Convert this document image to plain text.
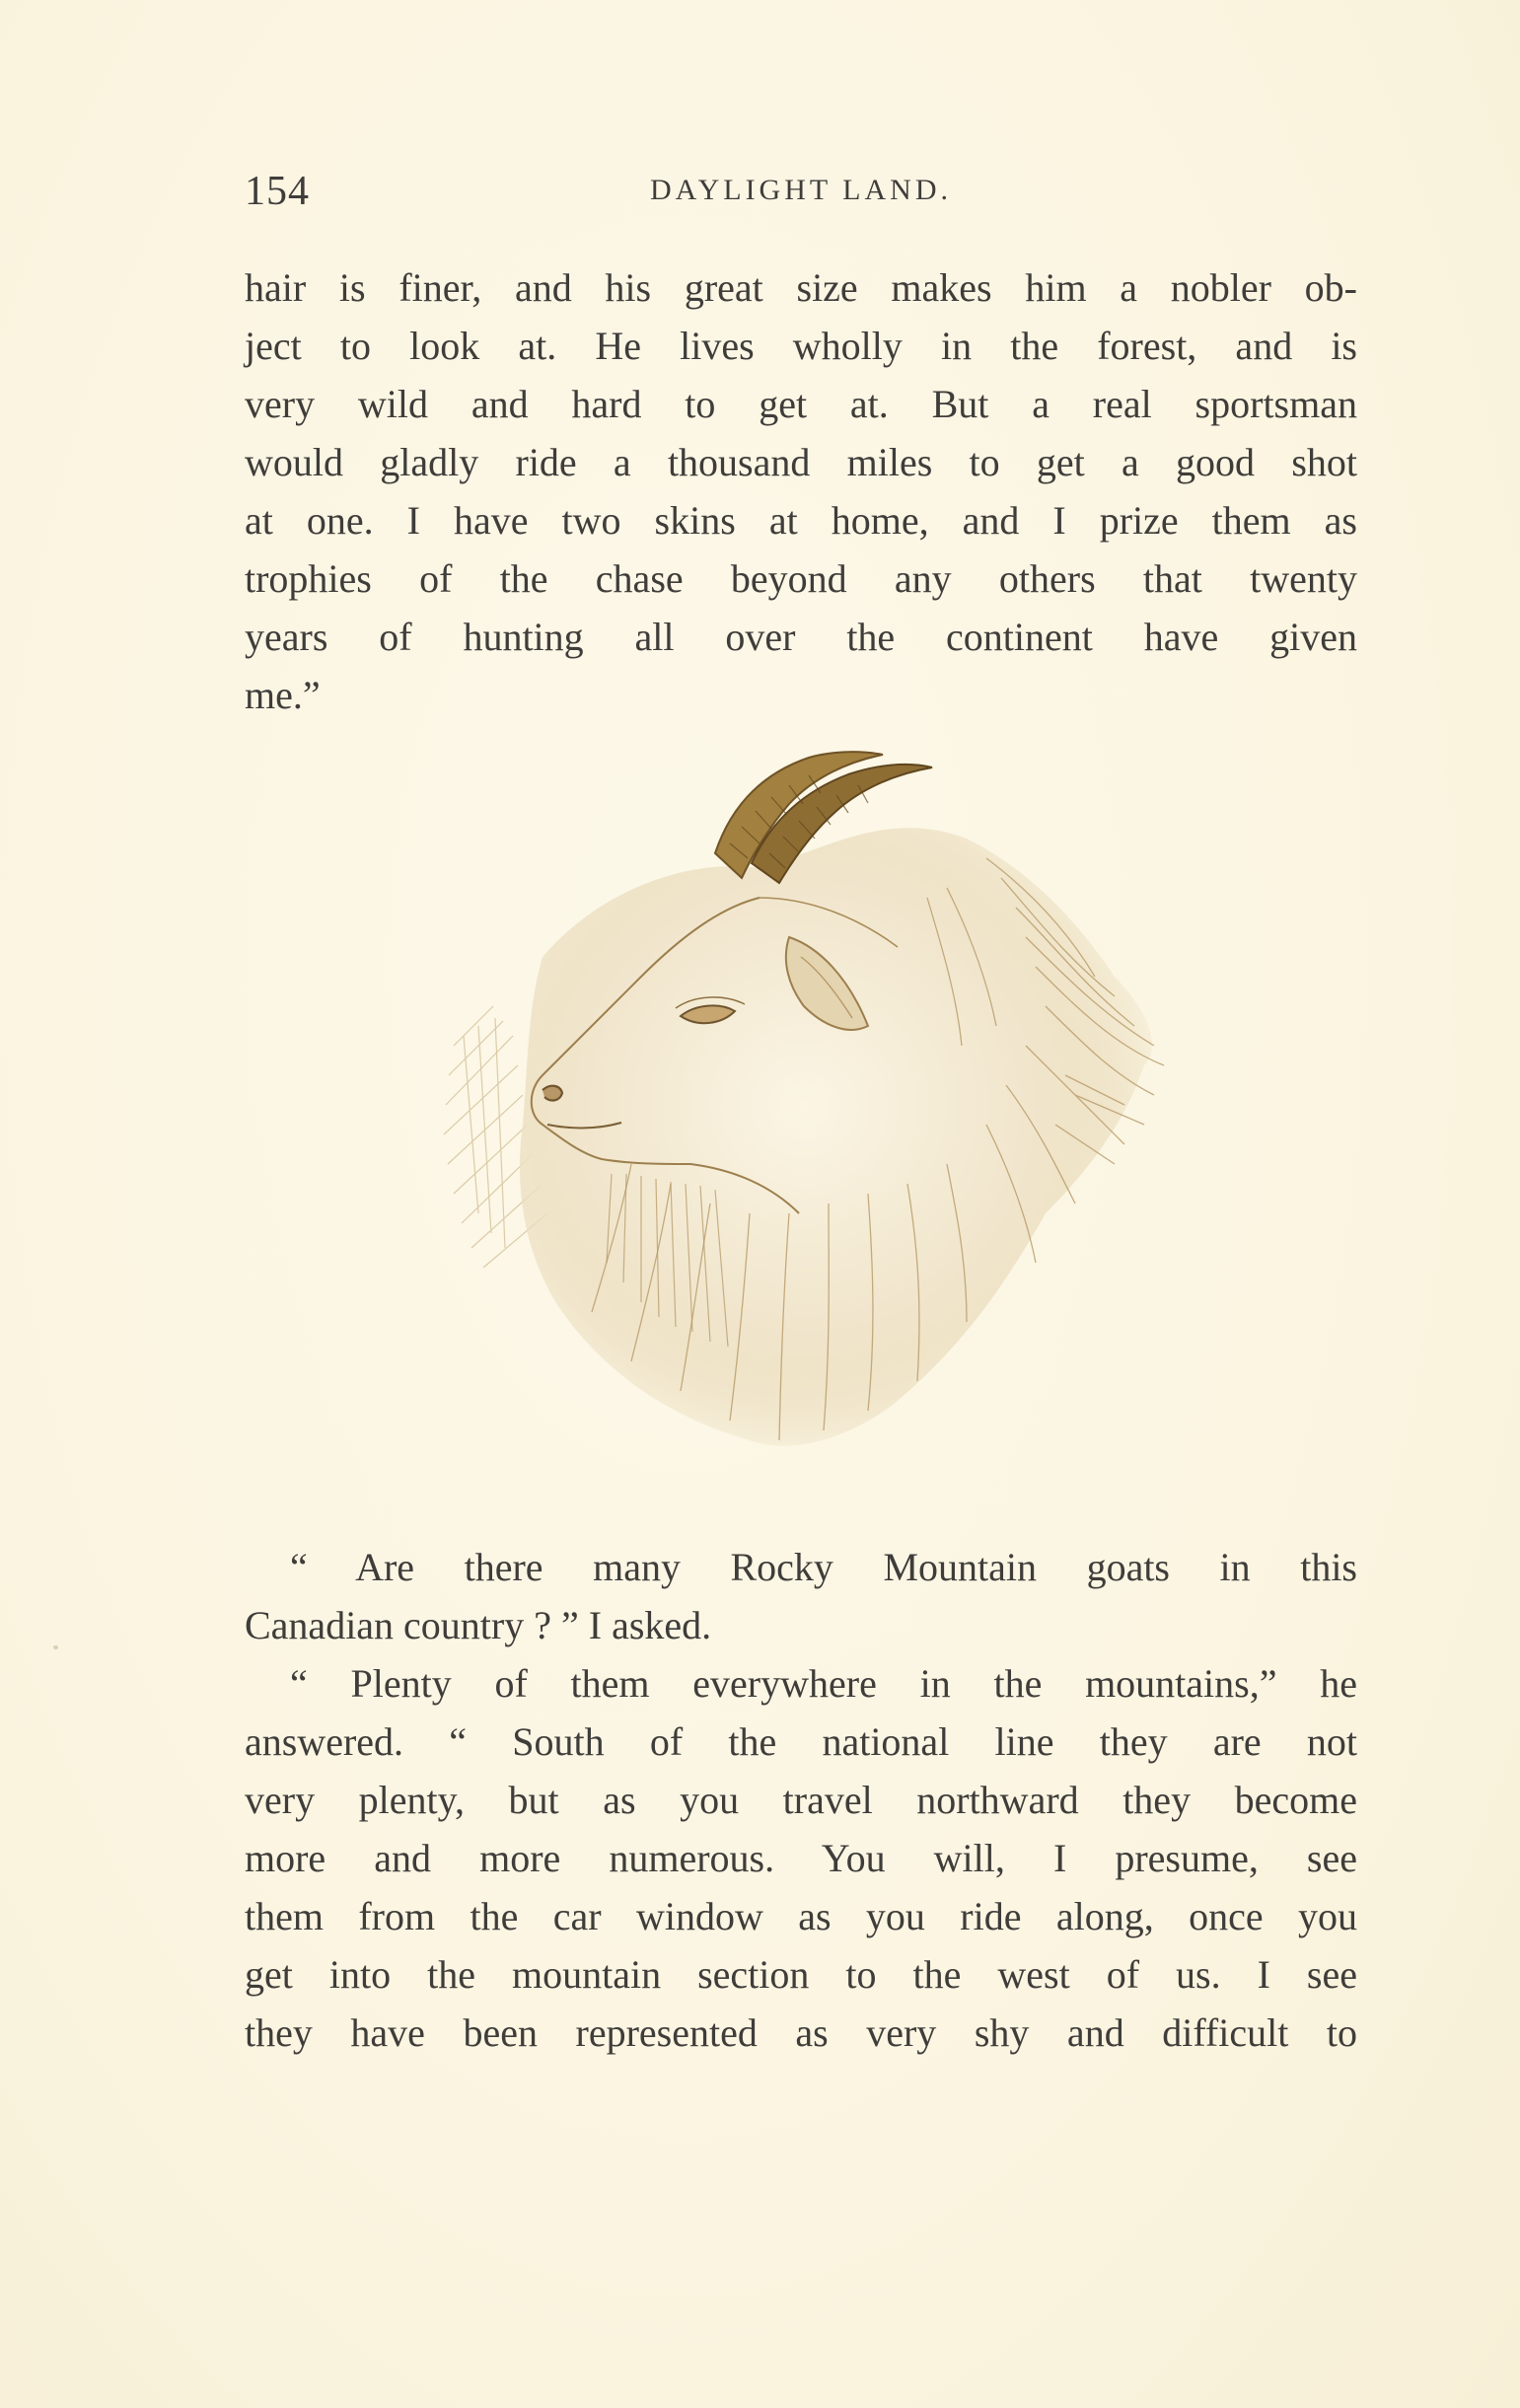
154	DAYLIGHT LAND.
hair is finer, and his great size makes him a nobler ob-
ject to look at. He lives wholly in the forest, and is
very wild and hard to get at. But a real sportsman
would gladly ride a thousand miles to get a good shot
at one. I have two skins at home, and I prize them as
trophies of the chase beyond any others that twenty
years of hunting all over the continent have given
me.”
“ Are there many Rocky Mountain goats in this
Canadian country ? ” I asked.
“ Plenty of them everywhere in the mountains,” he
answered. “ South of the national line they are not
very plenty, but as you travel northward they become
more and more numerous. You will, I presume, see
them from the car window as you ride along, once you
get into the mountain section to the west of us. I see
they have been represented as very shy and difficult to
